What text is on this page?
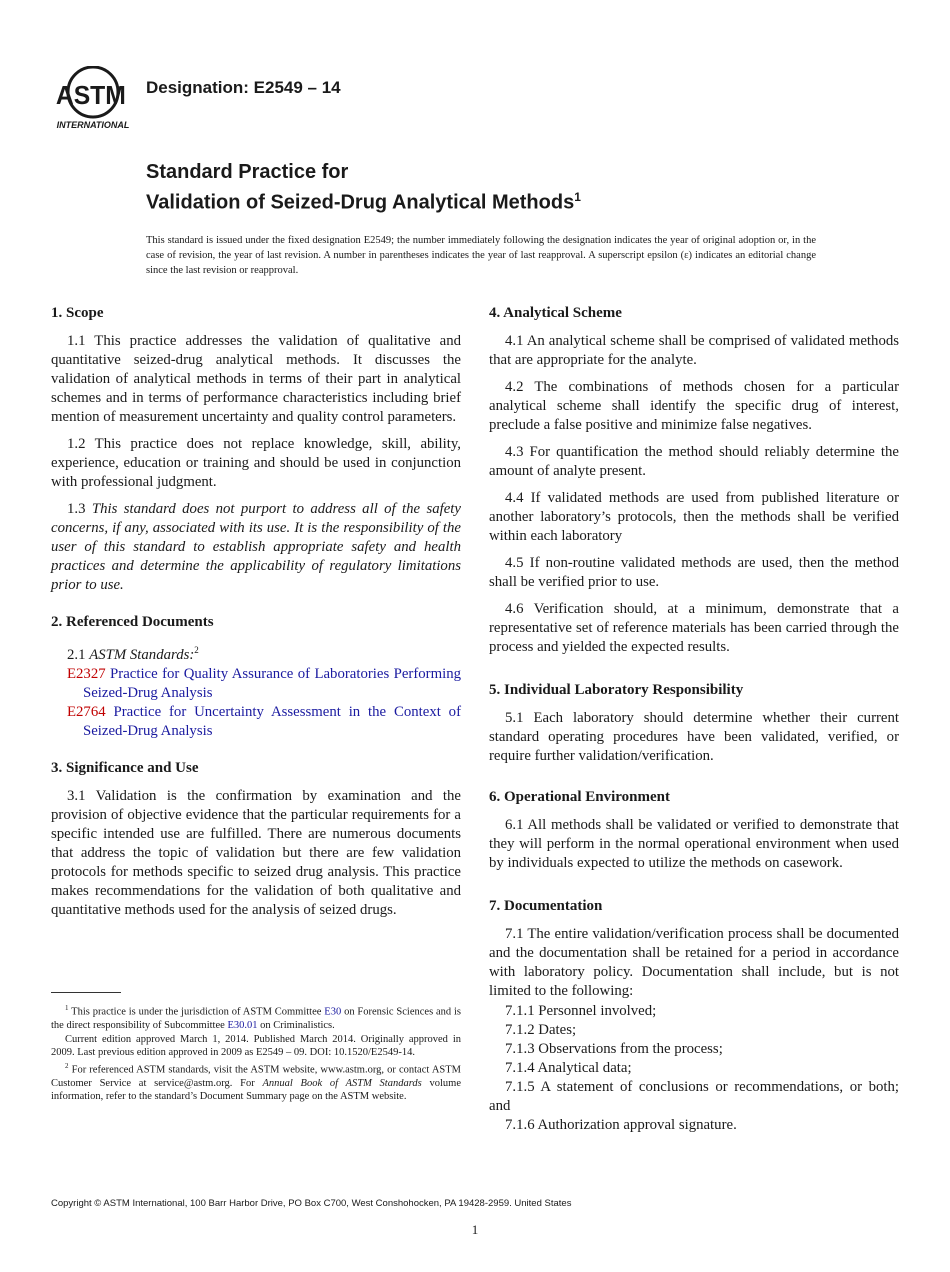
ASTM
INTERNATIONAL
Designation: E2549 – 14
Standard Practice for
Validation of Seized-Drug Analytical Methods$^1$
This standard is issued under the fixed designation E2549; the number immediately following the designation indicates the year of original adoption or, in the case of revision, the year of last revision. A number in parentheses indicates the year of last reapproval. A superscript epsilon (ε) indicates an editorial change since the last revision or reapproval.
1. Scope

1.1 This practice addresses the validation of qualitative and quantitative seized-drug analytical methods. It discusses the validation of analytical methods in terms of their part in analytical schemes and in terms of performance characteristics including brief mention of measurement uncertainty and quality control parameters.

1.2 This practice does not replace knowledge, skill, ability, experience, education or training and should be used in conjunction with professional judgment.

1.3 This standard does not purport to address all of the safety concerns, if any, associated with its use. It is the responsibility of the user of this standard to establish appropriate safety and health practices and determine the applicability of regulatory limitations prior to use.

2. Referenced Documents

2.1 ASTM Standards:$^2$

E2327 Practice for Quality Assurance of Laboratories Performing Seized-Drug Analysis

E2764 Practice for Uncertainty Assessment in the Context of Seized-Drug Analysis

3. Significance and Use

3.1 Validation is the confirmation by examination and the provision of objective evidence that the particular requirements for a specific intended use are fulfilled. There are numerous documents that address the topic of validation but there are few validation protocols for methods specific to seized drug analysis. This practice makes recommendations for the validation of both qualitative and quantitative methods used for the analysis of seized drugs.

4. Analytical Scheme

4.1 An analytical scheme shall be comprised of validated methods that are appropriate for the analyte.

4.2 The combinations of methods chosen for a particular analytical scheme shall identify the specific drug of interest, preclude a false positive and minimize false negatives.

4.3 For quantification the method should reliably determine the amount of analyte present.

4.4 If validated methods are used from published literature or another laboratory’s protocols, then the methods shall be verified within each laboratory

4.5 If non-routine validated methods are used, then the method shall be verified prior to use.

4.6 Verification should, at a minimum, demonstrate that a representative set of reference materials has been carried through the process and yielded the expected results.

5. Individual Laboratory Responsibility

5.1 Each laboratory should determine whether their current standard operating procedures have been validated, verified, or require further validation/verification.

6. Operational Environment

6.1 All methods shall be validated or verified to demonstrate that they will perform in the normal operational environment when used by individuals expected to utilize the methods on casework.

7. Documentation

7.1 The entire validation/verification process shall be documented and the documentation shall be retained for a period in accordance with laboratory policy. Documentation shall include, but is not limited to the following:

7.1.1 Personnel involved;

7.1.2 Dates;

7.1.3 Observations from the process;

7.1.4 Analytical data;

7.1.5 A statement of conclusions or recommendations, or both; and

7.1.6 Authorization approval signature.

$^1$ This practice is under the jurisdiction of ASTM Committee E30 on Forensic Sciences and is the direct responsibility of Subcommittee E30.01 on Criminalistics.

Current edition approved March 1, 2014. Published March 2014. Originally approved in 2009. Last previous edition approved in 2009 as E2549 – 09. DOI: 10.1520/E2549-14.

$^2$ For referenced ASTM standards, visit the ASTM website, www.astm.org, or contact ASTM Customer Service at service@astm.org. For Annual Book of ASTM Standards volume information, refer to the standard’s Document Summary page on the ASTM website.

Copyright © ASTM International, 100 Barr Harbor Drive, PO Box C700, West Conshohocken, PA 19428-2959. United States
1
